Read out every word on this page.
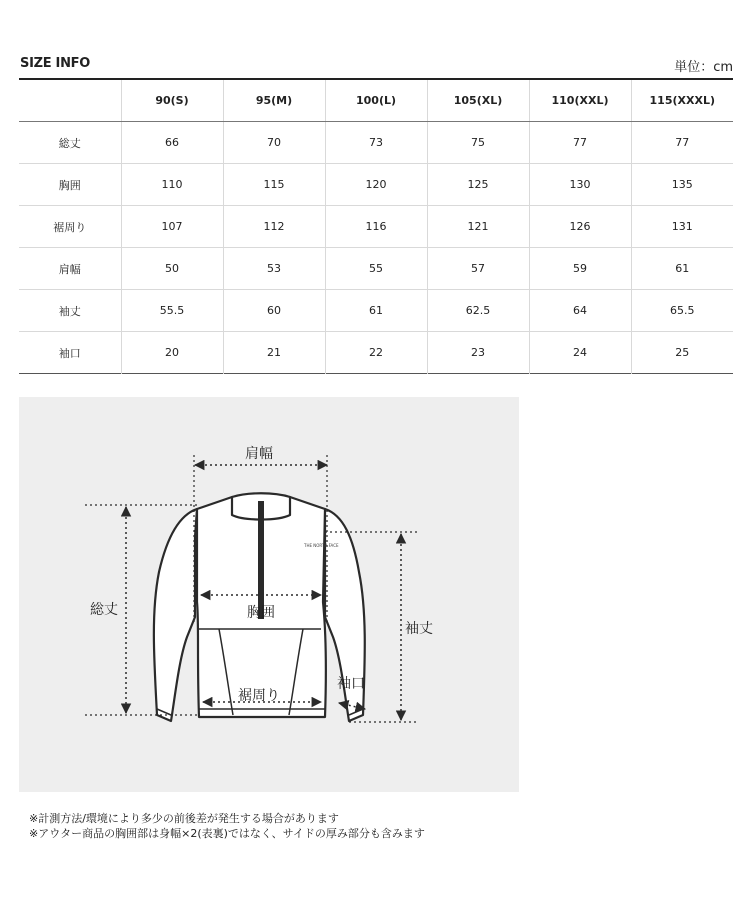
SIZE INFO	単位：cm
	90(S)	95(M)	100(L)	105(XL)	110(XXL)	115(XXXL)
総丈	66	70	73	75	77	77
胸囲	110	115	120	125	130	135
裾周り	107	112	116	121	126	131
肩幅	50	53	55	57	59	61
袖丈	55.5	60	61	62.5	64	65.5
袖口	20	21	22	23	24	25
THE NORTH FACE
肩幅
総丈	胸囲
袖丈
袖口
裾周り
※計測方法/環境により多少の前後差が発生する場合があります
※アウター商品の胸囲部は身幅×2(表裏)ではなく、サイドの厚み部分も含みます
